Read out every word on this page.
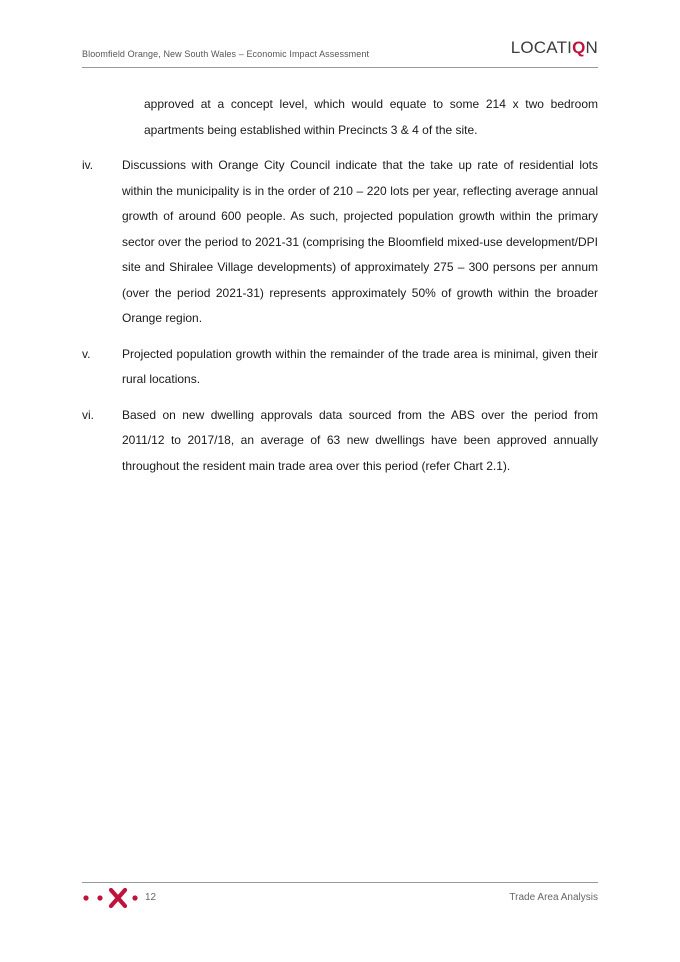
Bloomfield Orange, New South Wales – Economic Impact Assessment	LOCATIQN

approved at a concept level, which would equate to some 214 x two bedroom apartments being established within Precincts 3 & 4 of the site.

iv. Discussions with Orange City Council indicate that the take up rate of residential lots within the municipality is in the order of 210 – 220 lots per year, reflecting average annual growth of around 600 people. As such, projected population growth within the primary sector over the period to 2021-31 (comprising the Bloomfield mixed-use development/DPI site and Shiralee Village developments) of approximately 275 – 300 persons per annum (over the period 2021-31) represents approximately 50% of growth within the broader Orange region.

v.	Projected population growth within the remainder of the trade area is minimal, given their rural locations.

vi. Based on new dwelling approvals data sourced from the ABS over the period from 2011/12 to 2017/18, an average of 63 new dwellings have been approved annually throughout the resident main trade area over this period (refer Chart 2.1).

12	Trade Area Analysis
